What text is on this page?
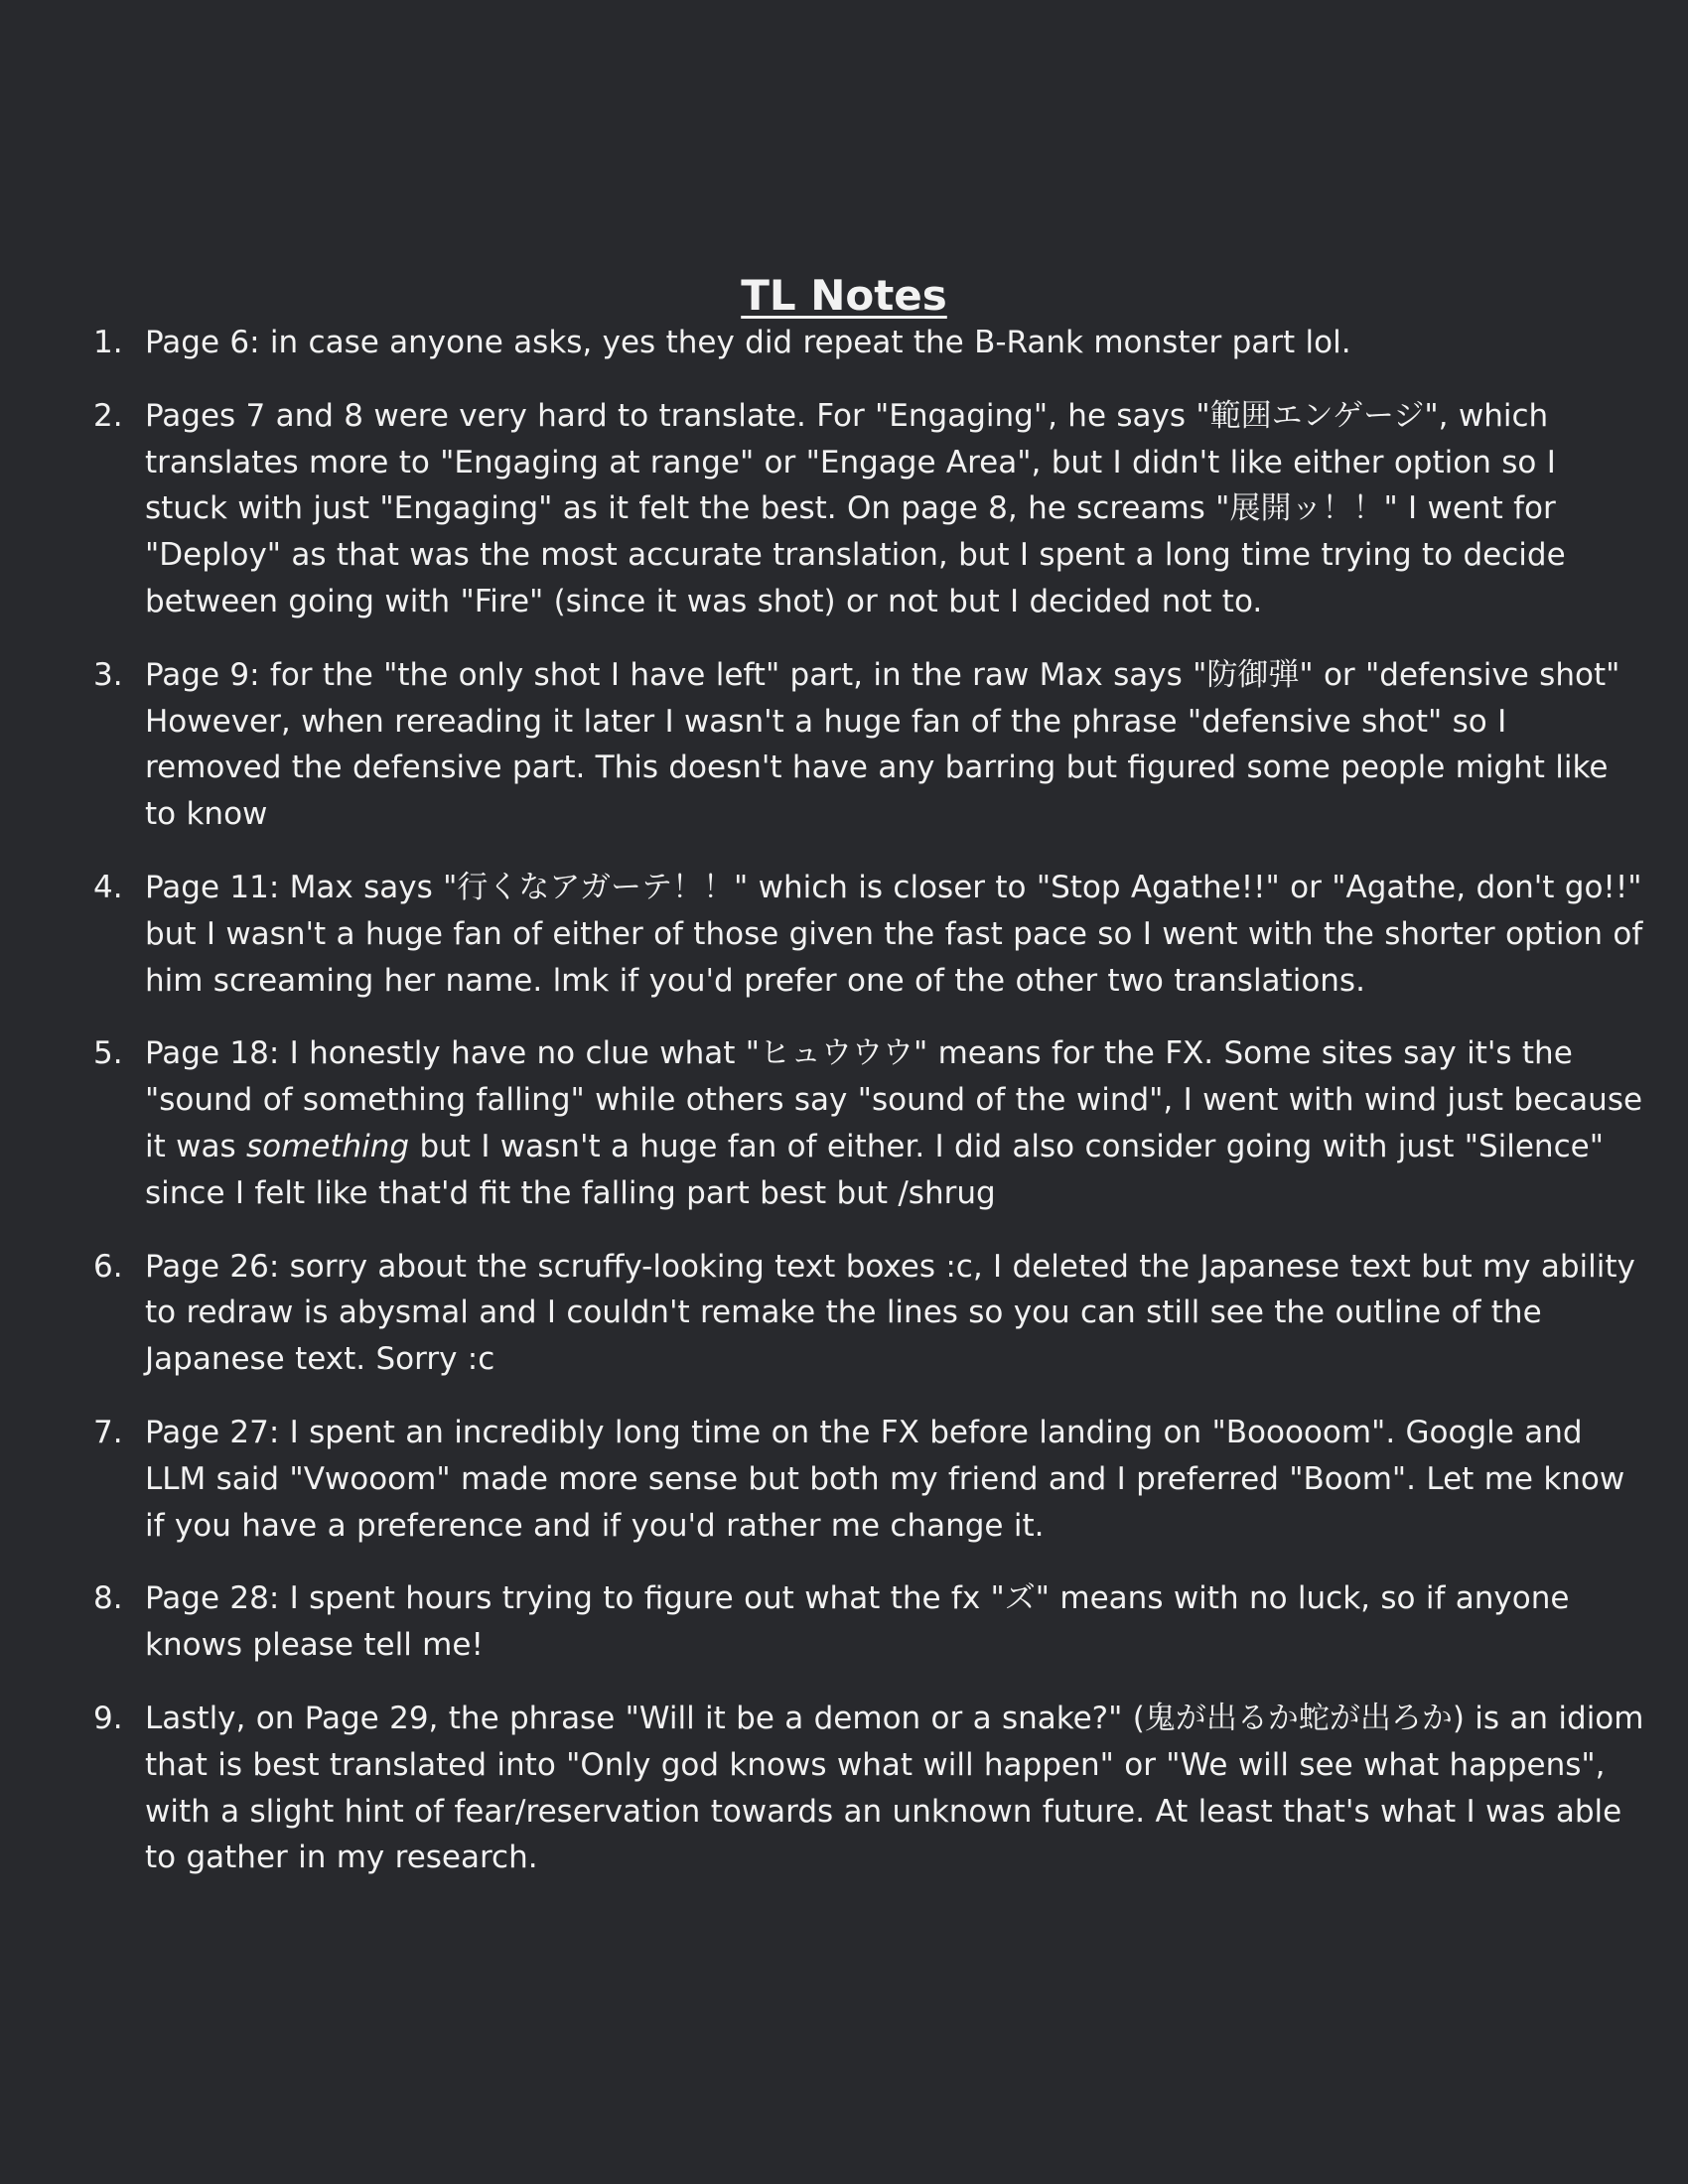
TL Notes
1. Page 6: in case anyone asks, yes they did repeat the B-Rank monster part lol.
2. Pages 7 and 8 were very hard to translate. For "Engaging", he says "範囲エンゲージ", which translates more to "Engaging at range" or "Engage Area", but I didn't like either option so I stuck with just "Engaging" as it felt the best. On page 8, he screams "展開ッ！！" I went for "Deploy" as that was the most accurate translation, but I spent a long time trying to decide between going with "Fire" (since it was shot) or not but I decided not to.
3. Page 9: for the "the only shot I have left" part, in the raw Max says "防御弾" or "defensive shot" However, when rereading it later I wasn't a huge fan of the phrase "defensive shot" so I removed the defensive part. This doesn't have any barring but figured some people might like to know
4. Page 11: Max says "行くなアガーテ！！" which is closer to "Stop Agathe!!" or "Agathe, don't go!!" but I wasn't a huge fan of either of those given the fast pace so I went with the shorter option of him screaming her name. lmk if you'd prefer one of the other two translations.
5. Page 18: I honestly have no clue what "ヒュウウウ" means for the FX. Some sites say it's the "sound of something falling" while others say "sound of the wind", I went with wind just because it was something but I wasn't a huge fan of either. I did also consider going with just "Silence" since I felt like that'd fit the falling part best but /shrug
6. Page 26: sorry about the scruffy-looking text boxes :c, I deleted the Japanese text but my ability to redraw is abysmal and I couldn't remake the lines so you can still see the outline of the Japanese text. Sorry :c
7. Page 27: I spent an incredibly long time on the FX before landing on "Booooom". Google and LLM said "Vwooom" made more sense but both my friend and I preferred "Boom". Let me know if you have a preference and if you'd rather me change it.
8. Page 28: I spent hours trying to figure out what the fx "ズ" means with no luck, so if anyone knows please tell me!
9. Lastly, on Page 29, the phrase "Will it be a demon or a snake?" (鬼が出るか蛇が出ろか) is an idiom that is best translated into "Only god knows what will happen" or "We will see what happens", with a slight hint of fear/reservation towards an unknown future. At least that's what I was able to gather in my research.
